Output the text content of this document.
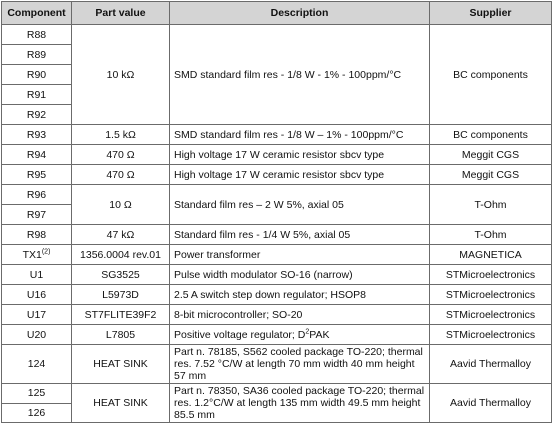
Component	Part value	Description	Supplier
R88	10 kΩ	SMD standard film res - 1/8 W - 1% - 100ppm/°C	BC components
R89			
R90			
R91			
R92			
R93	1.5 kΩ	SMD standard film res - 1/8 W – 1% - 100ppm/°C	BC components
R94	470 Ω	High voltage 17 W ceramic resistor sbcv type	Meggit CGS
R95	470 Ω	High voltage 17 W ceramic resistor sbcv type	Meggit CGS
R96	10 Ω	Standard film res – 2 W 5%, axial 05	T-Ohm
R97			
R98	47 kΩ	Standard film res - 1/4 W 5%, axial 05	T-Ohm
TX1$^{(2)}$	1356.0004 rev.01	Power transformer	MAGNETICA
U1	SG3525	Pulse width modulator SO-16 (narrow)	STMicroelectronics
U16	L5973D	2.5 A switch step down regulator; HSOP8	STMicroelectronics
U17	ST7FLITE39F2	8-bit microcontroller; SO-20	STMicroelectronics
U20	L7805	Positive voltage regulator; $D^2PAK$	STMicroelectronics
124	HEAT SINK	Part n. 78185, S562 cooled package TO-220; thermal res. 7.52 °C/W at length 70 mm width 40 mm height 57 mm	Aavid Thermalloy
125	HEAT SINK	Part n. 78350, SA36 cooled package TO-220; thermal res. 1.2°C/W at length 135 mm width 49.5 mm height 85.5 mm	Aavid Thermalloy
126			
